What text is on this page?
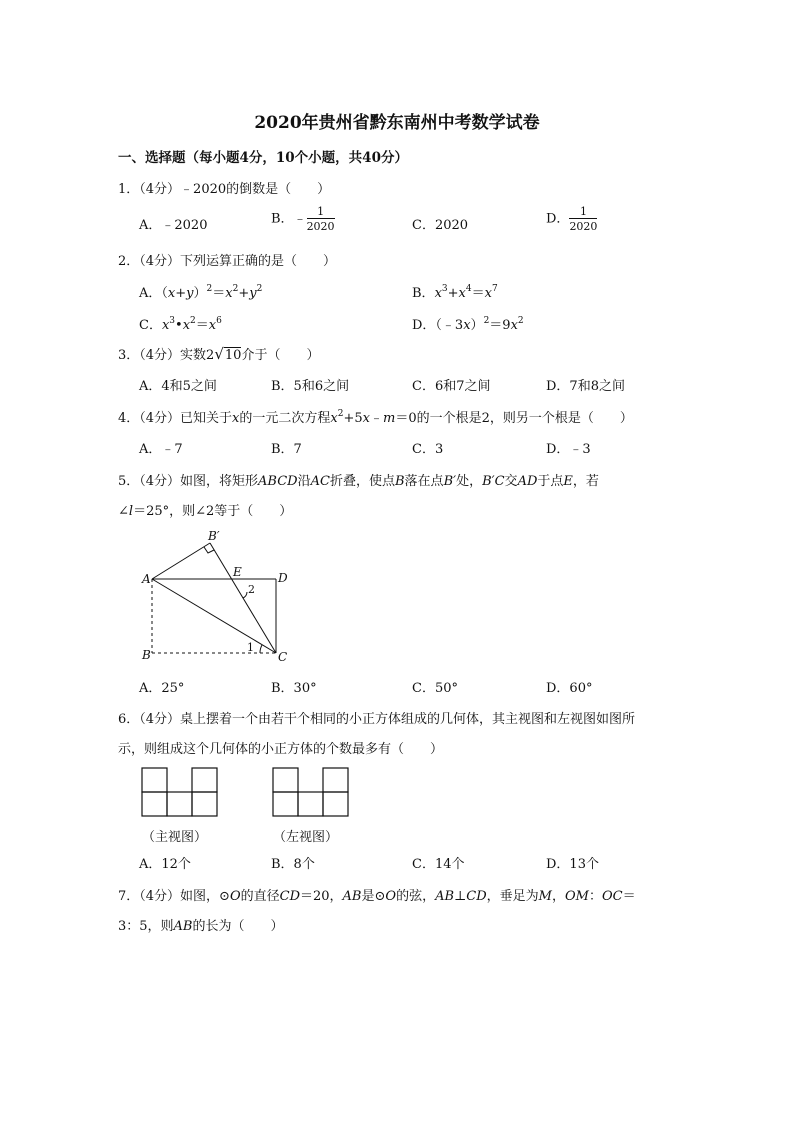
2020年贵州省黔东南州中考数学试卷
一、选择题（每小题4分，10个小题，共40分）
1．（4分）﹣2020的倒数是（　　）
A．﹣2020	B．﹣ $\frac{1}{2020}$	C．2020	D． $\frac{1}{2020}$
2．（4分）下列运算正确的是（　　）
A．$(x+y)^2=x^2+y^2$	B．$x^3+x^4=x^7$
C．$x^3•x^2=x^6$	D．$(﹣3x)^2=9x^2$
3．（4分）实数2√10介于（　　）
A．4和5之间	B．5和6之间	C．6和7之间	D．7和8之间
4．（4分）已知关于x的一元二次方程$x^2+5x﹣m=0$的一个根是2，则另一个根是（　　）
A．﹣7	B．7	C．3	D．﹣3
5．（4分）如图，将矩形ABCD沿AC折叠，使点B落在点B′处，B′C交AD于点E，若
∠l＝25°，则∠2等于（　　）
A
B	C
D
E
B′
2
1
A．25°	B．30°	C．50°	D．60°
6．（4分）桌上摆着一个由若干个相同的小正方体组成的几何体，其主视图和左视图如图所
示，则组成这个几何体的小正方体的个数最多有（　　）
（主视图）	（左视图）
A．12个	B．8个	C．14个	D．13个
7．（4分）如图，⊙O的直径CD＝20，AB是⊙O的弦，AB⊥CD，垂足为M，OM：OC＝
3：5，则AB的长为（　　）
